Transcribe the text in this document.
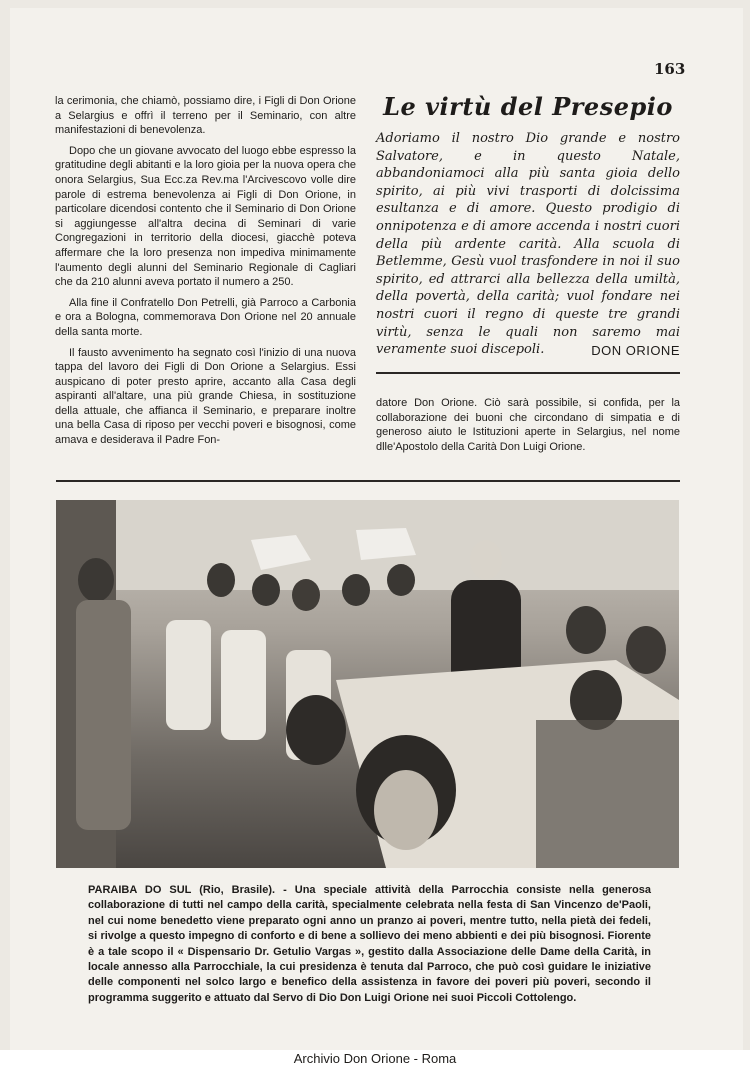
163

la cerimonia, che chiamò, possiamo dire, i Figli di Don Orione a Selargius e offrì il terreno per il Seminario, con altre manifestazioni di benevolenza.

Dopo che un giovane avvocato del luogo ebbe espresso la gratitudine degli abitanti e la loro gioia per la nuova opera che onora Selargius, Sua Ecc.za Rev.ma l'Arcivescovo volle dire parole di estrema benevolenza ai Figli di Don Orione, in particolare dicendosi contento che il Seminario di Don Orione si aggiungesse all'altra decina di Seminari di varie Congregazioni in territorio della diocesi, giacchè poteva affermare che la loro presenza non impediva minimamente l'aumento degli alunni del Seminario Regionale di Cagliari che da 210 alunni aveva portato il numero a 250.

Alla fine il Confratello Don Petrelli, già Parroco a Carbonia e ora a Bologna, commemorava Don Orione nel 20 annuale della santa morte.

Il fausto avvenimento ha segnato così l'inizio di una nuova tappa del lavoro dei Figli di Don Orione a Selargius. Essi auspicano di poter presto aprire, accanto alla Casa degli aspiranti all'altare, una più grande Chiesa, in sostituzione della attuale, che affianca il Seminario, e preparare inoltre una bella Casa di riposo per vecchi poveri e bisognosi, come amava e desiderava il Padre Fon-

Le virtù del Presepio

Adoriamo il nostro Dio grande e nostro Salvatore, e in questo Natale, abbandoniamoci alla più santa gioia dello spirito, ai più vivi trasporti di dolcissima esultanza e di amore. Questo prodigio di onnipotenza e di amore accenda i nostri cuori della più ardente carità. Alla scuola di Betlemme, Gesù vuol trasfondere in noi il suo spirito, ed attrarci alla bellezza della umiltà, della povertà, della carità; vuol fondare nei nostri cuori il regno di queste tre grandi virtù, senza le quali non saremo mai veramente suoi discepoli.	DON ORIONE

datore Don Orione. Ciò sarà possibile, si confida, per la collaborazione dei buoni che circondano di simpatia e di generoso aiuto le Istituzioni aperte in Selargius, nel nome dlle'Apostolo della Carità Don Luigi Orione.

PARAIBA DO SUL (Rio, Brasile). - Una speciale attività della Parrocchia consiste nella generosa collaborazione di tutti nel campo della carità, specialmente celebrata nella festa di San Vincenzo de'Paoli, nel cui nome benedetto viene preparato ogni anno un pranzo ai poveri, mentre tutto, nella pietà dei fedeli, si rivolge a questo impegno di conforto e di bene a sollievo dei meno abbienti e dei più bisognosi. Fiorente è a tale scopo il « Dispensario Dr. Getulio Vargas », gestito dalla Associazione delle Dame della Carità, in locale annesso alla Parrocchiale, la cui presidenza è tenuta dal Parroco, che può così guidare le iniziative delle componenti nel solco largo e benefico della assistenza in favore dei poveri più poveri, secondo il programma suggerito e attuato dal Servo di Dio Don Luigi Orione nei suoi Piccoli Cottolengo.

Archivio Don Orione - Roma
